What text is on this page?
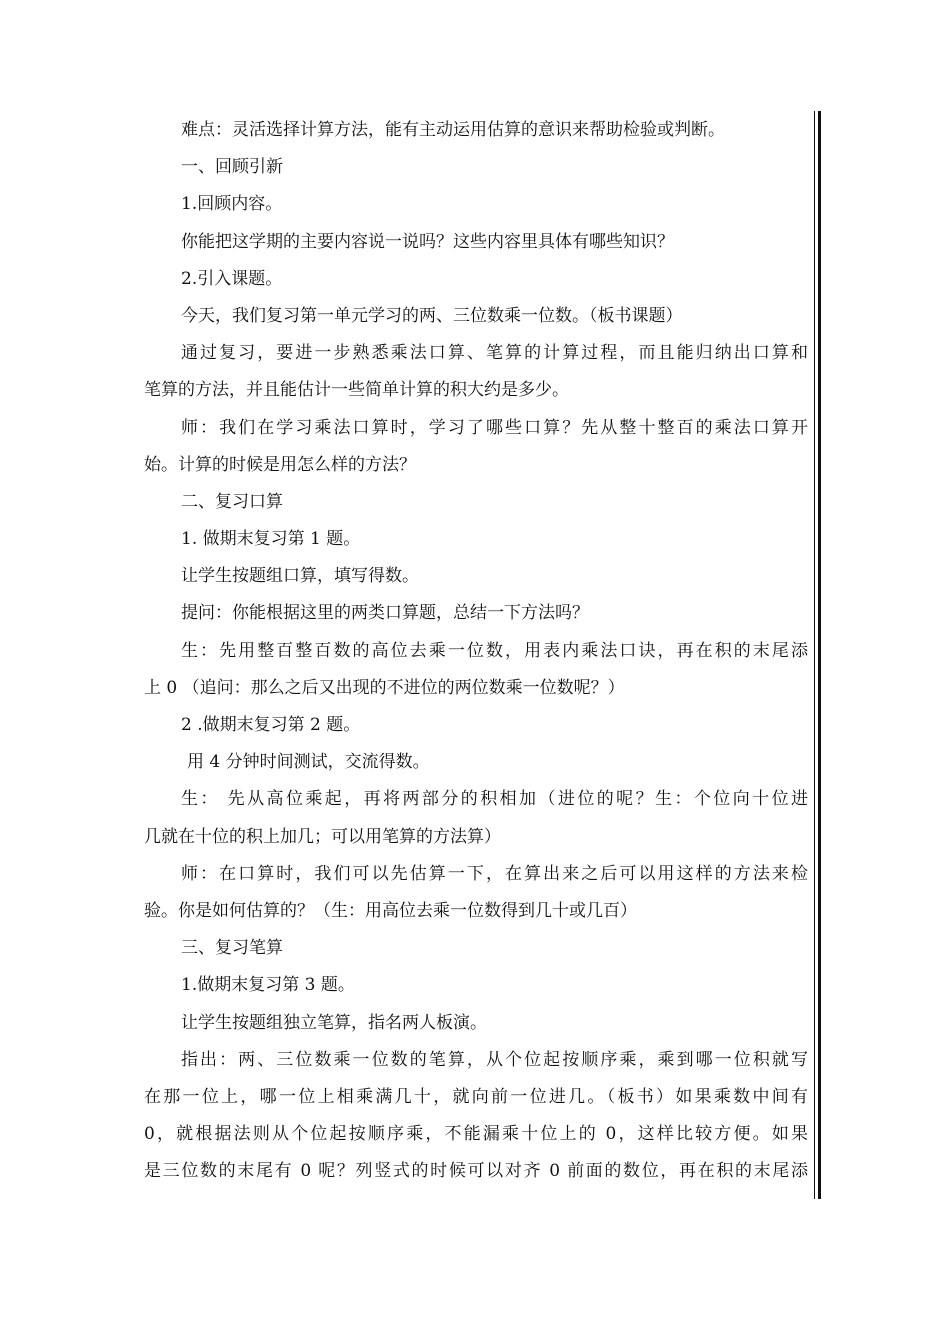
难点：灵活选择计算方法，能有主动运用估算的意识来帮助检验或判断。
一、回顾引新
1.回顾内容。
你能把这学期的主要内容说一说吗？这些内容里具体有哪些知识？
2.引入课题。
今天，我们复习第一单元学习的两、三位数乘一位数。（板书课题）
通过复习，要进一步熟悉乘法口算、笔算的计算过程，而且能归纳出口算和
笔算的方法，并且能估计一些简单计算的积大约是多少。
师：我们在学习乘法口算时，学习了哪些口算？先从整十整百的乘法口算开
始。计算的时候是用怎么样的方法？
二、复习口算
1. 做期末复习第 1 题。
让学生按题组口算，填写得数。
提问：你能根据这里的两类口算题，总结一下方法吗？
生：先用整百整百数的高位去乘一位数，用表内乘法口诀，再在积的末尾添
上 0 （追问：那么之后又出现的不进位的两位数乘一位数呢？）
2 .做期末复习第 2 题。
用 4 分钟时间测试，交流得数。
生： 先从高位乘起，再将两部分的积相加（进位的呢？生：个位向十位进
几就在十位的积上加几；可以用笔算的方法算）
师：在口算时，我们可以先估算一下，在算出来之后可以用这样的方法来检
验。你是如何估算的？（生：用高位去乘一位数得到几十或几百）
三、复习笔算
1.做期末复习第 3 题。
让学生按题组独立笔算，指名两人板演。
指出：两、三位数乘一位数的笔算，从个位起按顺序乘，乘到哪一位积就写
在那一位上，哪一位上相乘满几十，就向前一位进几。（板书）如果乘数中间有
0，就根据法则从个位起按顺序乘，不能漏乘十位上的 0，这样比较方便。如果
是三位数的末尾有 0 呢？列竖式的时候可以对齐 0 前面的数位，再在积的末尾添
